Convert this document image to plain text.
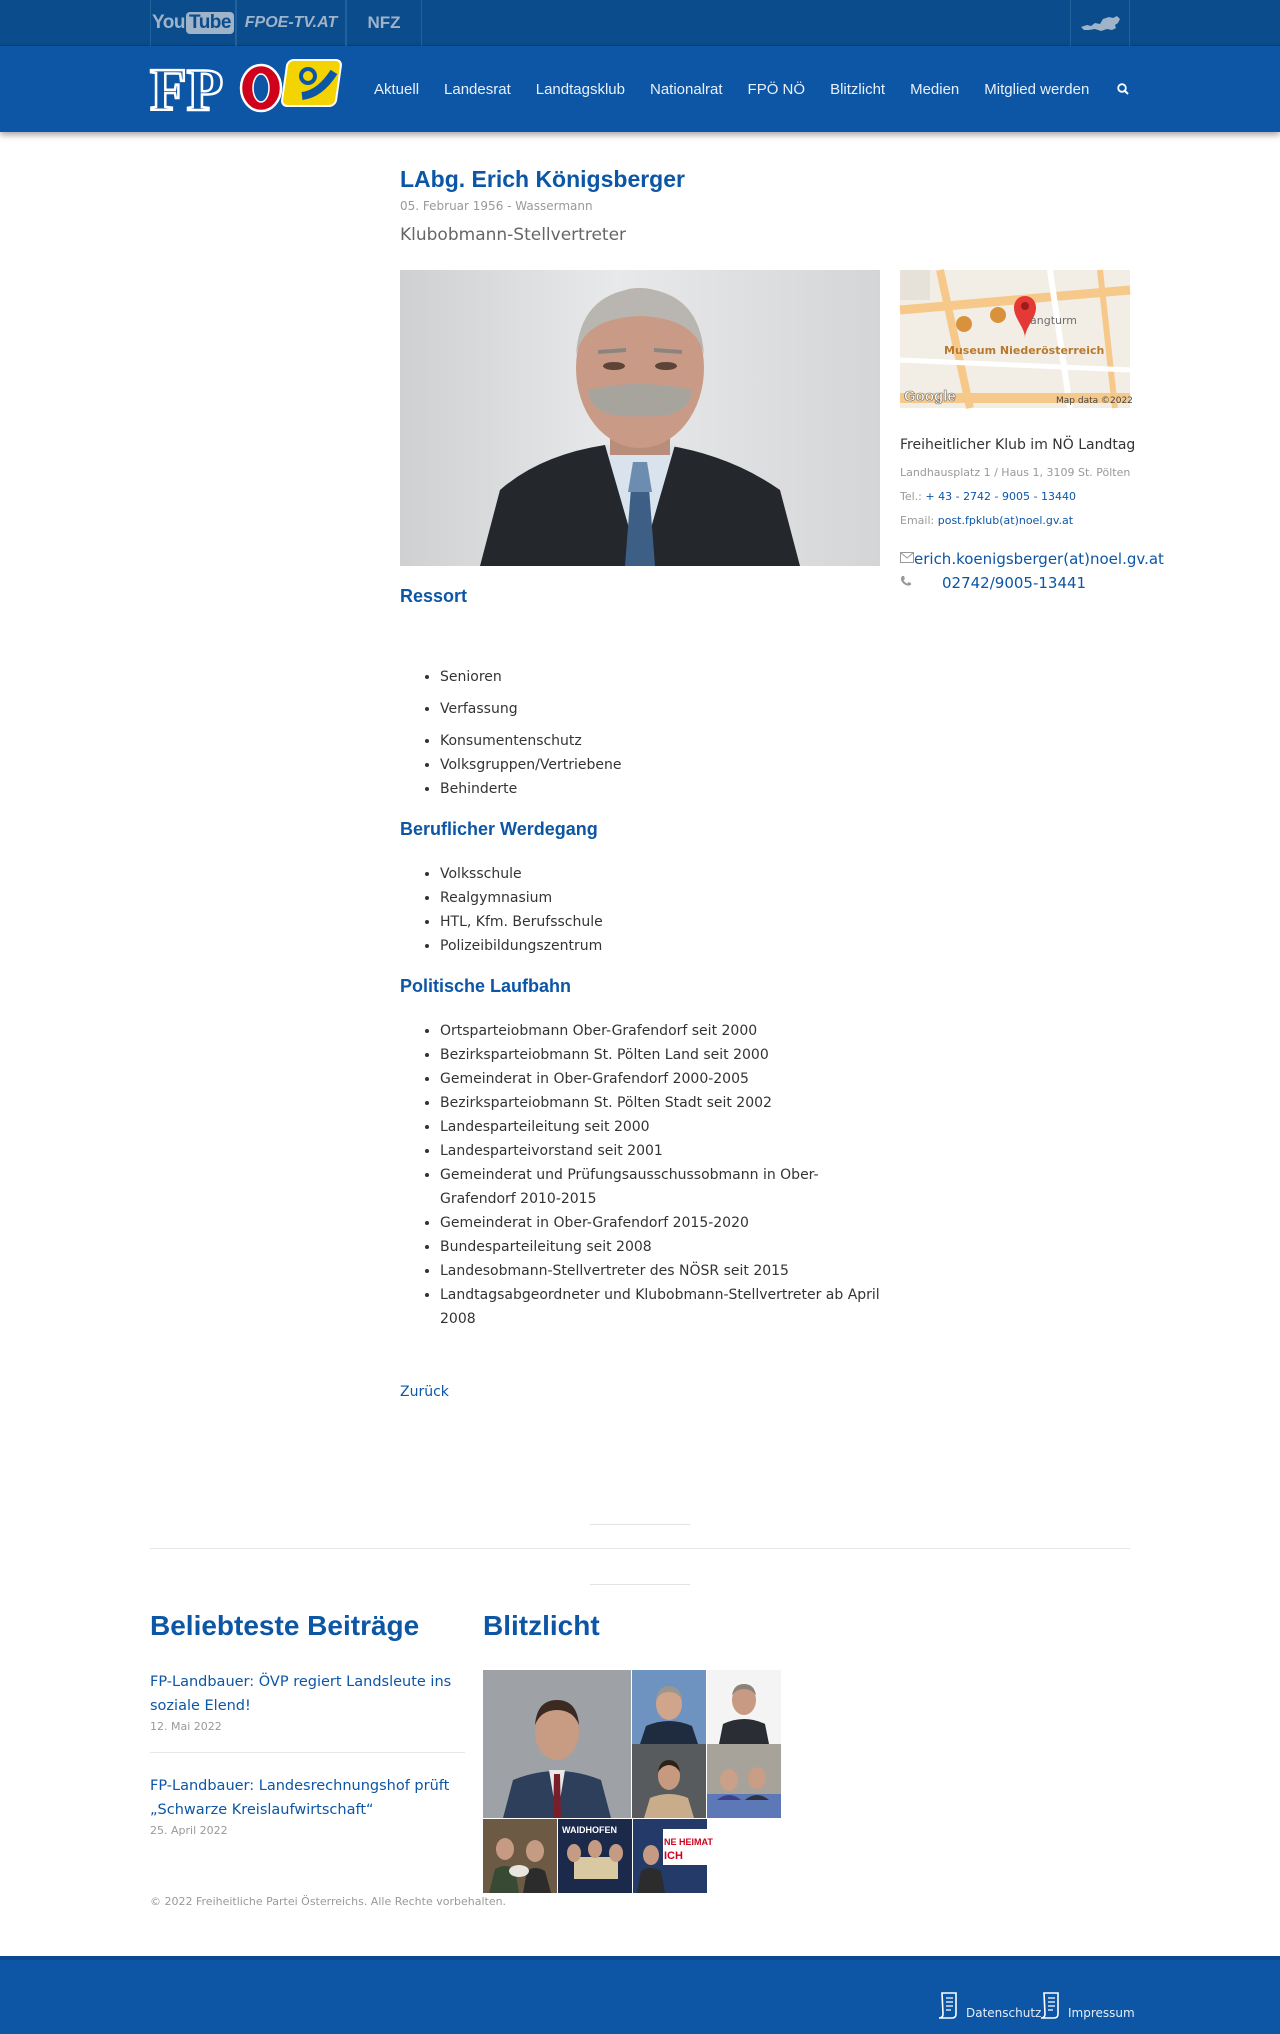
You Tube FPOE-TV.AT NFZ
FP	Aktuell Landesrat Landtagsklub Nationalrat FPÖ NÖ Blitzlicht Medien Mitglied werden
LAbg. Erich Königsberger
05. Februar 1956 - Wassermann
Klubobmann-Stellvertreter
Ressort
• Senioren
• Verfassung
• Konsumentenschutz
• Volksgruppen/Vertriebene
• Behinderte
Beruflicher Werdegang
• Volksschule
• Realgymnasium
• HTL, Kfm. Berufsschule
• Polizeibildungszentrum
Politische Laufbahn
• Ortsparteiobmann Ober-Grafendorf seit 2000
• Bezirksparteiobmann St. Pölten Land seit 2000
• Gemeinderat in Ober-Grafendorf 2000-2005
• Bezirksparteiobmann St. Pölten Stadt seit 2002
• Landesparteileitung seit 2000
• Landesparteivorstand seit 2001
• Gemeinderat und Prüfungsausschussobmann in Ober-Grafendorf 2010-2015
• Gemeinderat in Ober-Grafendorf 2015-2020
• Bundesparteileitung seit 2008
• Landesobmann-Stellvertreter des NÖSR seit 2015
• Landtagsabgeordneter und Klubobmann-Stellvertreter ab April 2008
Zurück
angturm
Museum Niederösterreich
Google	Map data ©2022
Freiheitlicher Klub im NÖ Landtag
Landhausplatz 1 / Haus 1, 3109 St. Pölten
Tel.: + 43 - 2742 - 9005 - 13440
Email: post.fpklub(at)noel.gv.at
erich.koenigsberger(at)noel.gv.at
02742/9005-13441
Beliebteste Beiträge
FP-Landbauer: ÖVP regiert Landsleute ins soziale Elend!
12. Mai 2022
FP-Landbauer: Landesrechnungshof prüft „Schwarze Kreislaufwirtschaft“
25. April 2022
© 2022 Freiheitliche Partei Österreichs. Alle Rechte vorbehalten.
Blitzlicht
WAIDHOFEN
NE HEIMAT
ICH
Datenschutz Impressum
